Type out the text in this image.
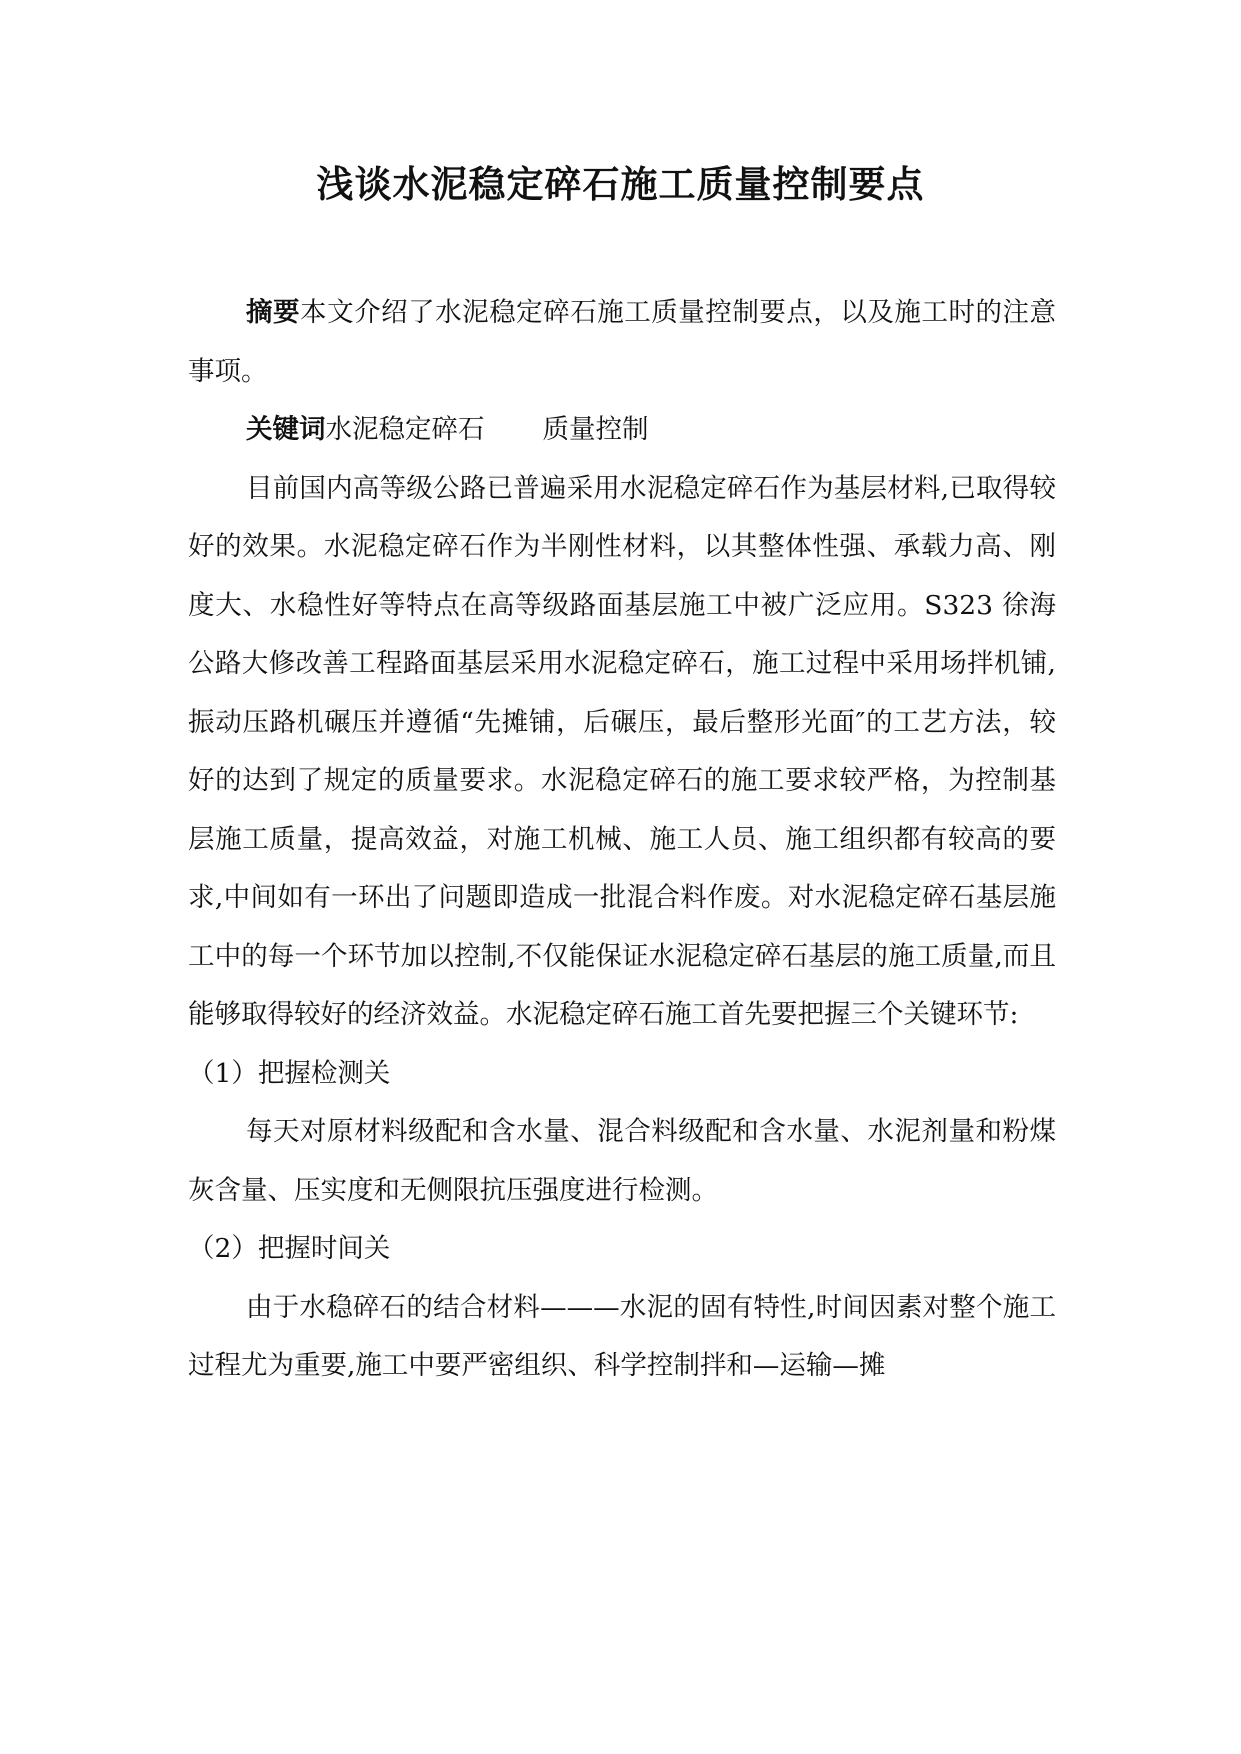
浅谈水泥稳定碎石施工质量控制要点

摘要本文介绍了水泥稳定碎石施工质量控制要点，以及施工时的注意事项。

关键词水泥稳定碎石 质量控制

目前国内高等级公路已普遍采用水泥稳定碎石作为基层材料,已取得较好的效果。水泥稳定碎石作为半刚性材料，以其整体性强、承载力高、刚度大、水稳性好等特点在高等级路面基层施工中被广泛应用。S323 徐海公路大修改善工程路面基层采用水泥稳定碎石，施工过程中采用场拌机铺,振动压路机碾压并遵循“先摊铺，后碾压，最后整形光面″的工艺方法，较好的达到了规定的质量要求。水泥稳定碎石的施工要求较严格，为控制基层施工质量，提高效益，对施工机械、施工人员、施工组织都有较高的要求,中间如有一环出了问题即造成一批混合料作废。对水泥稳定碎石基层施工中的每一个环节加以控制,不仅能保证水泥稳定碎石基层的施工质量,而且能够取得较好的经济效益。水泥稳定碎石施工首先要把握三个关键环节:

（1）把握检测关

每天对原材料级配和含水量、混合料级配和含水量、水泥剂量和粉煤灰含量、压实度和无侧限抗压强度进行检测。

（2）把握时间关

由于水稳碎石的结合材料———水泥的固有特性,时间因素对整个施工过程尤为重要,施工中要严密组织、科学控制拌和—运输—摊
